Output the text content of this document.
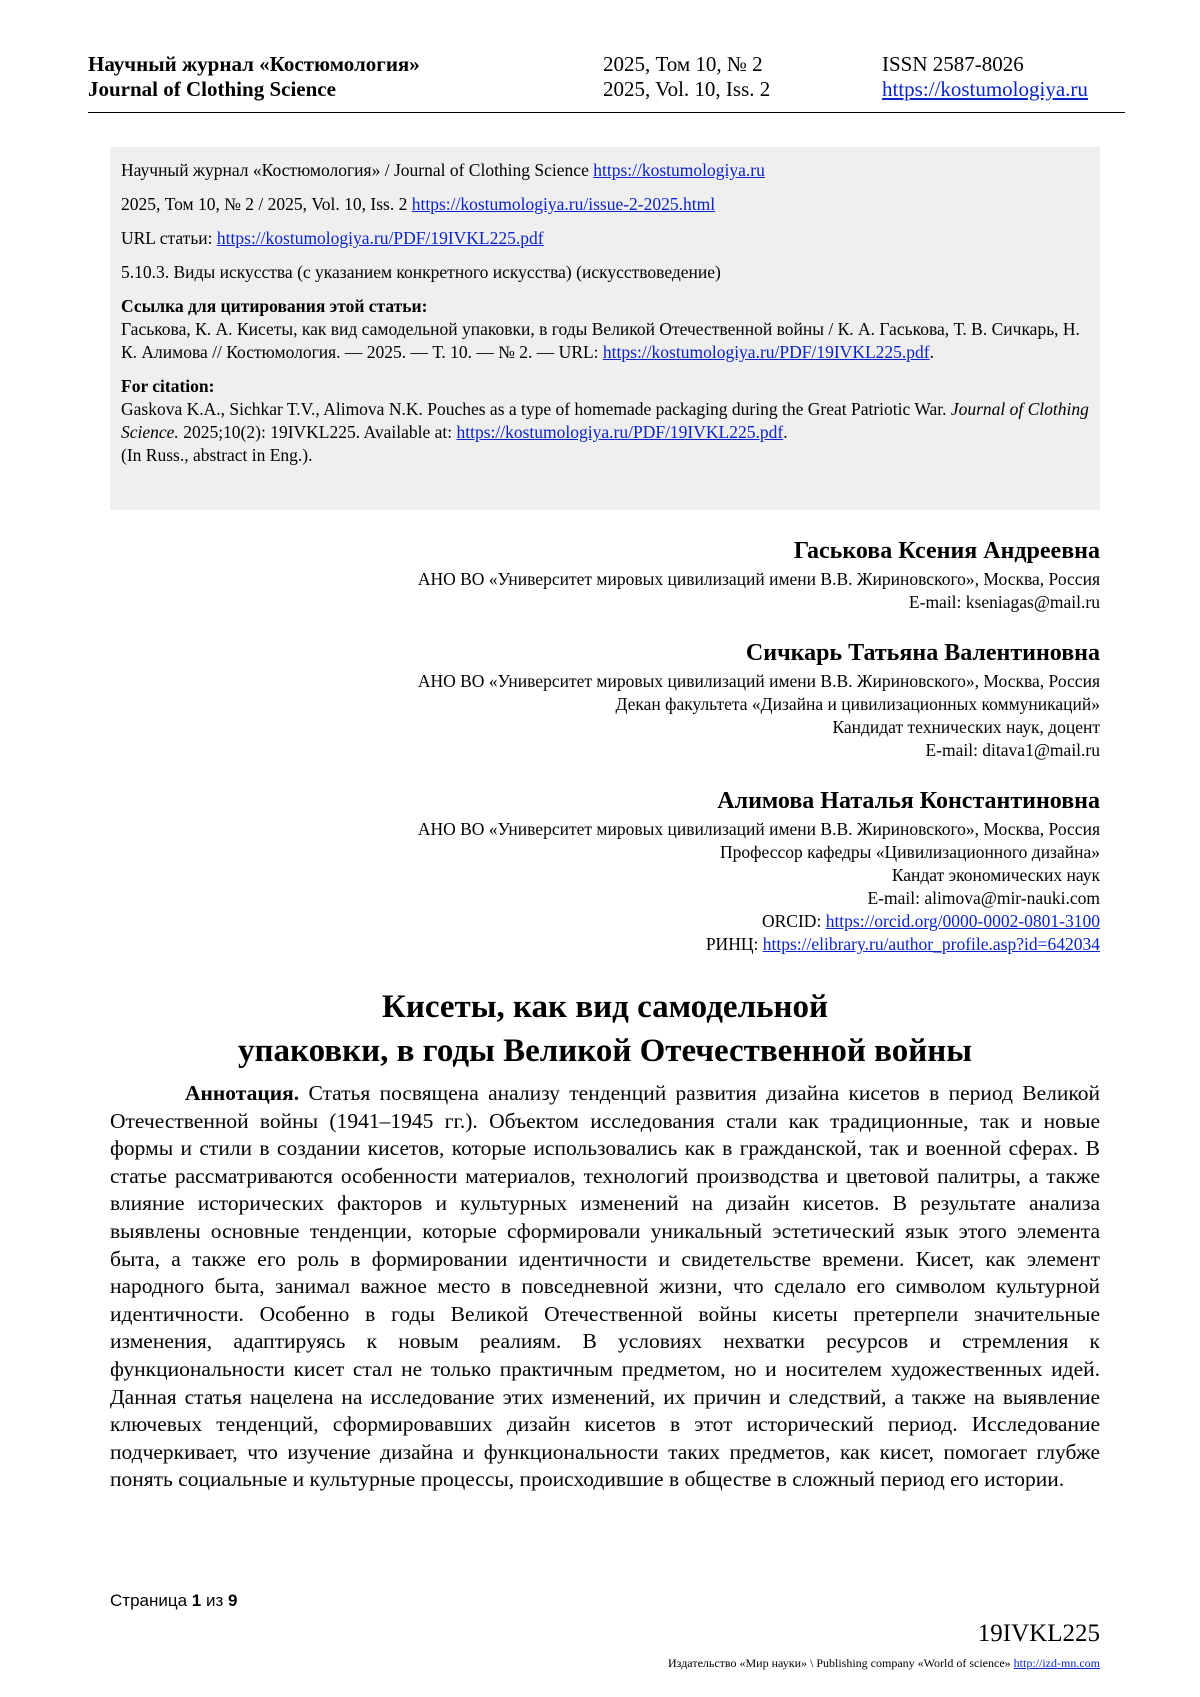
Научный журнал «Костюмология»
Journal of Clothing Science
2025, Том 10, № 2
2025, Vol. 10, Iss. 2
ISSN 2587-8026
https://kostumologiya.ru

Научный журнал «Костюмология» / Journal of Clothing Science https://kostumologiya.ru

2025, Том 10, № 2 / 2025, Vol. 10, Iss. 2 https://kostumologiya.ru/issue-2-2025.html

URL статьи: https://kostumologiya.ru/PDF/19IVKL225.pdf

5.10.3. Виды искусства (с указанием конкретного искусства) (искусствоведение)

Ссылка для цитирования этой статьи:
Гаськова, К. А. Кисеты, как вид самодельной упаковки, в годы Великой Отечественной войны / К. А. Гаськова, Т. В. Сичкарь, Н. К. Алимова // Костюмология. — 2025. — Т. 10. — № 2. — URL: https://kostumologiya.ru/PDF/19IVKL225.pdf.

For citation:
Gaskova K.A., Sichkar T.V., Alimova N.K. Pouches as a type of homemade packaging during the Great Patriotic War. Journal of Clothing Science. 2025;10(2): 19IVKL225. Available at: https://kostumologiya.ru/PDF/19IVKL225.pdf.
(In Russ., abstract in Eng.).

Гаськова Ксения Андреевна
АНО ВО «Университет мировых цивилизаций имени В.В. Жириновского», Москва, Россия
E-mail: kseniagas@mail.ru
Сичкарь Татьяна Валентиновна
АНО ВО «Университет мировых цивилизаций имени В.В. Жириновского», Москва, Россия
Декан факультета «Дизайна и цивилизационных коммуникаций»
Кандидат технических наук, доцент
E-mail: ditava1@mail.ru
Алимова Наталья Константиновна
АНО ВО «Университет мировых цивилизаций имени В.В. Жириновского», Москва, Россия
Профессор кафедры «Цивилизационного дизайна»
Кандат экономических наук
E-mail: alimova@mir-nauki.com
ORCID: https://orcid.org/0000-0002-0801-3100
РИНЦ: https://elibrary.ru/author_profile.asp?id=642034
Кисеты, как вид самодельной
упаковки, в годы Великой Отечественной войны
Аннотация. Статья посвящена анализу тенденций развития дизайна кисетов в период Великой Отечественной войны (1941–1945 гг.). Объектом исследования стали как традиционные, так и новые формы и стили в создании кисетов, которые использовались как в гражданской, так и военной сферах. В статье рассматриваются особенности материалов, технологий производства и цветовой палитры, а также влияние исторических факторов и культурных изменений на дизайн кисетов. В результате анализа выявлены основные тенденции, которые сформировали уникальный эстетический язык этого элемента быта, а также его роль в формировании идентичности и свидетельстве времени. Кисет, как элемент народного быта, занимал важное место в повседневной жизни, что сделало его символом культурной идентичности. Особенно в годы Великой Отечественной войны кисеты претерпели значительные изменения, адаптируясь к новым реалиям. В условиях нехватки ресурсов и стремления к функциональности кисет стал не только практичным предметом, но и носителем художественных идей. Данная статья нацелена на исследование этих изменений, их причин и следствий, а также на выявление ключевых тенденций, сформировавших дизайн кисетов в этот исторический период. Исследование подчеркивает, что изучение дизайна и функциональности таких предметов, как кисет, помогает глубже понять социальные и культурные процессы, происходившие в обществе в сложный период его истории.
Страница 1 из 9
19IVKL225
Издательство «Мир науки» \ Publishing company «World of science» http://izd-mn.com
